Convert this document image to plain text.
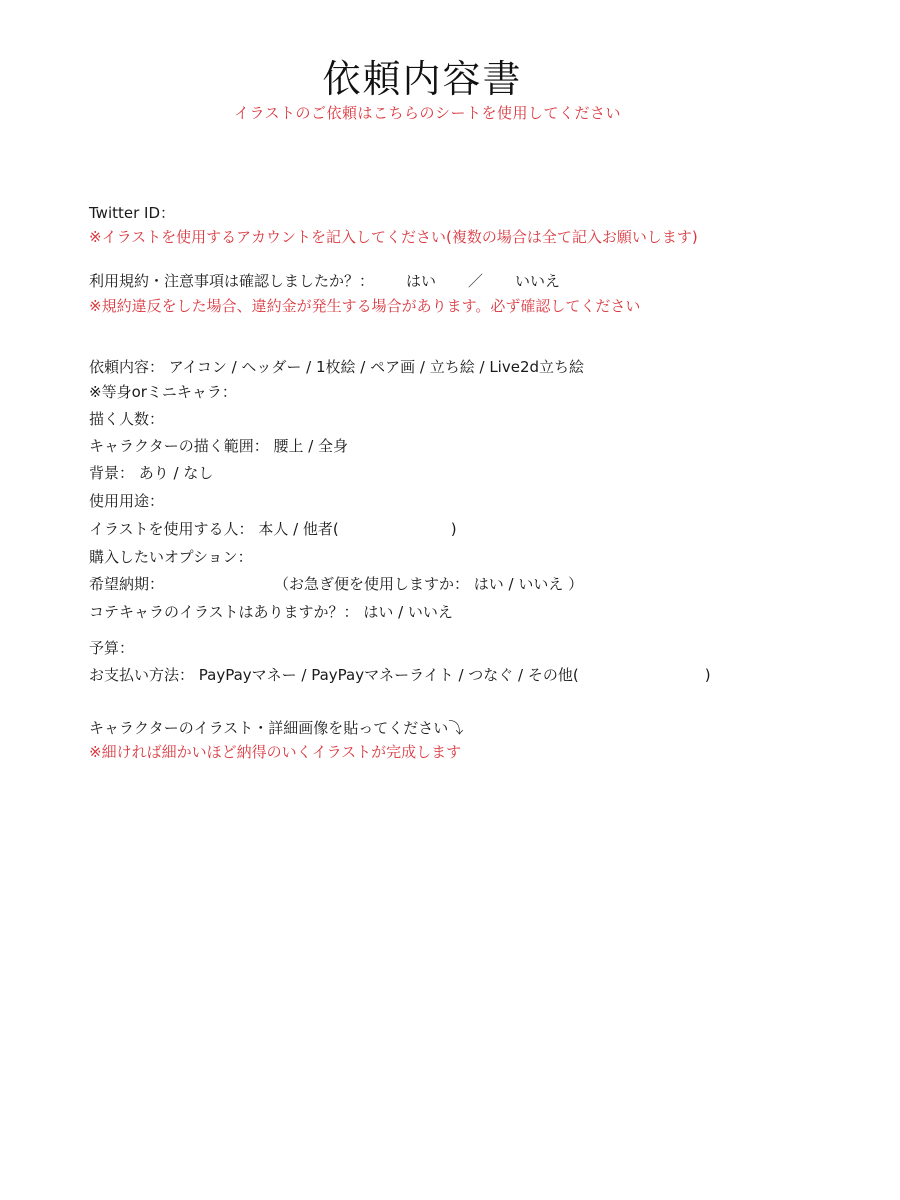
依頼内容書
イラストのご依頼はこちらのシートを使用してください
Twitter ID：
※イラストを使用するアカウントを記入してください(複数の場合は全て記入お願いします)
利用規約・注意事項は確認しましたか？： はい ／ いいえ
※規約違反をした場合、違約金が発生する場合があります。必ず確認してください
依頼内容： アイコン / ヘッダー / 1枚絵 / ペア画 / 立ち絵 / Live2d立ち絵
※等身orミニキャラ：
描く人数：
キャラクターの描く範囲： 腰上 / 全身
背景： あり / なし
使用用途：
イラストを使用する人： 本人 / 他者(	)
購入したいオプション：
希望納期：	（お急ぎ便を使用しますか： はい / いいえ ）
コテキャラのイラストはありますか？： はい / いいえ
予算：
お支払い方法： PayPayマネー / PayPayマネーライト / つなぐ / その他(	)
キャラクターのイラスト・詳細画像を貼ってください⤵
※細ければ細かいほど納得のいくイラストが完成します
